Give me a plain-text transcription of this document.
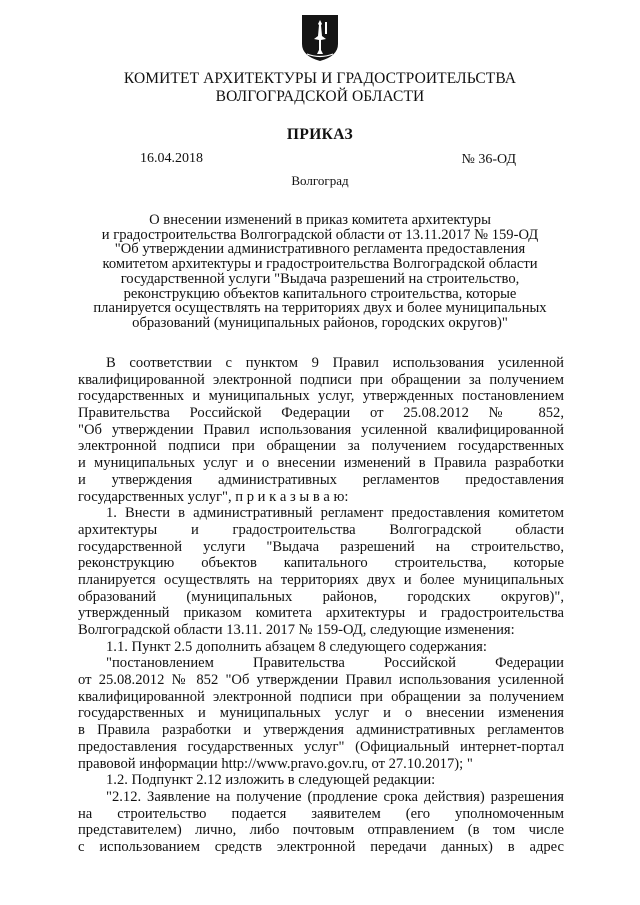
КОМИТЕТ АРХИТЕКТУРЫ И ГРАДОСТРОИТЕЛЬСТВА
ВОЛГОГРАДСКОЙ ОБЛАСТИ
ПРИКАЗ
16.04.2018	№ 36-ОД
Волгоград
О внесении изменений в приказ комитета архитектуры
и градостроительства Волгоградской области от 13.11.2017 № 159-ОД
"Об утверждении административного регламента предоставления
комитетом архитектуры и градостроительства Волгоградской области
государственной услуги "Выдача разрешений на строительство,
реконструкцию объектов капитального строительства, которые
планируется осуществлять на территориях двух и более муниципальных
образований (муниципальных районов, городских округов)"
В соответствии с пунктом 9 Правил использования усиленной
квалифицированной электронной подписи при обращении за получением
государственных и муниципальных услуг, утвержденных постановлением
Правительства Российской Федерации от 25.08.2012 № 852,
"Об утверждении Правил использования усиленной квалифицированной
электронной подписи при обращении за получением государственных
и муниципальных услуг и о внесении изменений в Правила разработки
и утверждения административных регламентов предоставления
государственных услуг", п р и к а з ы в а ю:
1. Внести в административный регламент предоставления комитетом
архитектуры и градостроительства Волгоградской области
государственной услуги "Выдача разрешений на строительство,
реконструкцию объектов капитального строительства, которые
планируется осуществлять на территориях двух и более муниципальных
образований (муниципальных районов, городских округов)",
утвержденный приказом комитета архитектуры и градостроительства
Волгоградской области 13.11. 2017 № 159-ОД, следующие изменения:
1.1. Пункт 2.5 дополнить абзацем 8 следующего содержания:
"постановлением Правительства Российской Федерации
от 25.08.2012 № 852 "Об утверждении Правил использования усиленной
квалифицированной электронной подписи при обращении за получением
государственных и муниципальных услуг и о внесении изменения
в Правила разработки и утверждения административных регламентов
предоставления государственных услуг" (Официальный интернет-портал
правовой информации http://www.pravo.gov.ru, от 27.10.2017); "
1.2. Подпункт 2.12 изложить в следующей редакции:
"2.12. Заявление на получение (продление срока действия) разрешения
на строительство подается заявителем (его уполномоченным
представителем) лично, либо почтовым отправлением (в том числе
с использованием средств электронной передачи данных) в адрес
